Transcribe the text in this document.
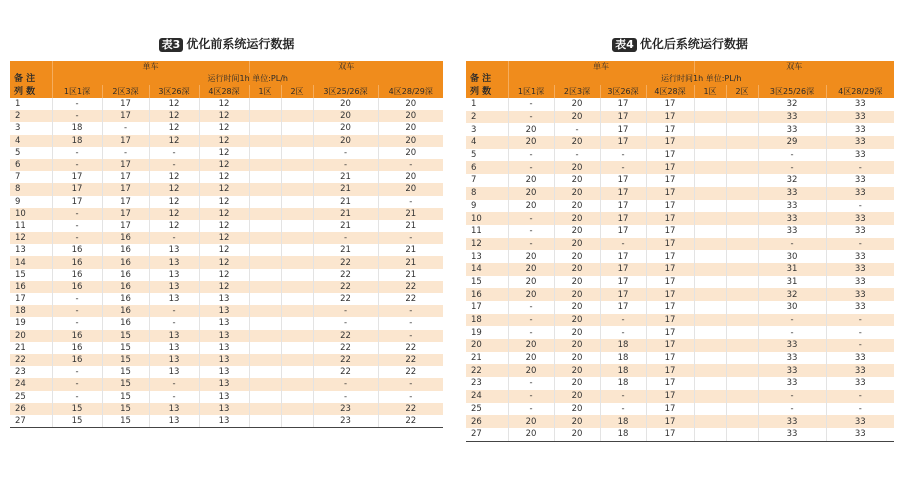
表3 优化前系统运行数据
	单车				双车			
备 注	运行时间1h 单位:PL/h							
列 数	1区1深	2区3深	3区26深	4区28深	1区	2区	3区25/26深	4区28/29深
1	-	17	12	12			20	20
2	-	17	12	12			20	20
3	18	-	12	12			20	20
4	18	17	12	12			20	20
5	-	-	-	12			-	20
6	-	17	-	12			-	-
7	17	17	12	12			21	20
8	17	17	12	12			21	20
9	17	17	12	12			21	-
10	-	17	12	12			21	21
11	-	17	12	12			21	21
12	-	16	-	12			-	-
13	16	16	13	12			21	21
14	16	16	13	12			22	21
15	16	16	13	12			22	21
16	16	16	13	12			22	22
17	-	16	13	13			22	22
18	-	16	-	13			-	-
19	-	16	-	13			-	-
20	16	15	13	13			22	-
21	16	15	13	13			22	22
22	16	15	13	13			22	22
23	-	15	13	13			22	22
24	-	15	-	13			-	-
25	-	15	-	13			-	-
26	15	15	13	13			23	22
27	15	15	13	13			23	22
表4 优化后系统运行数据
	单车				双车			
备 注	运行时间1h 单位:PL/h							
列 数	1区1深	2区3深	3区26深	4区28深	1区	2区	3区25/26深	4区28/29深
1	-	20	17	17			32	33
2	-	20	17	17			33	33
3	20	-	17	17			33	33
4	20	20	17	17			29	33
5	-	-	-	17			-	33
6	-	20	-	17			-	-
7	20	20	17	17			32	33
8	20	20	17	17			33	33
9	20	20	17	17			33	-
10	-	20	17	17			33	33
11	-	20	17	17			33	33
12	-	20	-	17			-	-
13	20	20	17	17			30	33
14	20	20	17	17			31	33
15	20	20	17	17			31	33
16	20	20	17	17			32	33
17	-	20	17	17			30	33
18	-	20	-	17			-	-
19	-	20	-	17			-	-
20	20	20	18	17			33	-
21	20	20	18	17			33	33
22	20	20	18	17			33	33
23	-	20	18	17			33	33
24	-	20	-	17			-	-
25	-	20	-	17			-	-
26	20	20	18	17			33	33
27	20	20	18	17			33	33
